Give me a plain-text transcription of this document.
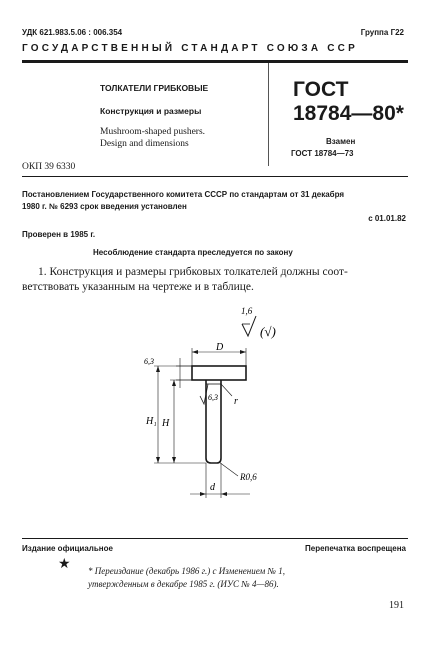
УДК 621.983.5.06 : 006.354	Группа Г22
ГОСУДАРСТВЕННЫЙ СТАНДАРТ СОЮЗА ССР
ТОЛКАТЕЛИ ГРИБКОВЫЕ
Конструкция и размеры
Mushroom-shaped pushers.
Design and dimensions
ГОСТ
18784—80*
Взамен
ГОСТ 18784—73
ОКП 39 6330
Постановлением Государственного комитета СССР по стандартам от 31 декабря
1980 г. № 6293 срок введения установлен
с 01.01.82
Проверен в 1985 г.
Несоблюдение стандарта преследуется по закону
1. Конструкция и размеры грибковых толкателей должны соот-
ветствовать указанным на чертеже и в таблице.
1,6
(√)
D
6,3
6,3
H₁ H
r
R0,6
d
Издание официальное	Перепечатка воспрещена
★ * Переиздание (декабрь 1986 г.) с Изменением № 1,
утвержденным в декабре 1985 г. (ИУС № 4—86).
191
